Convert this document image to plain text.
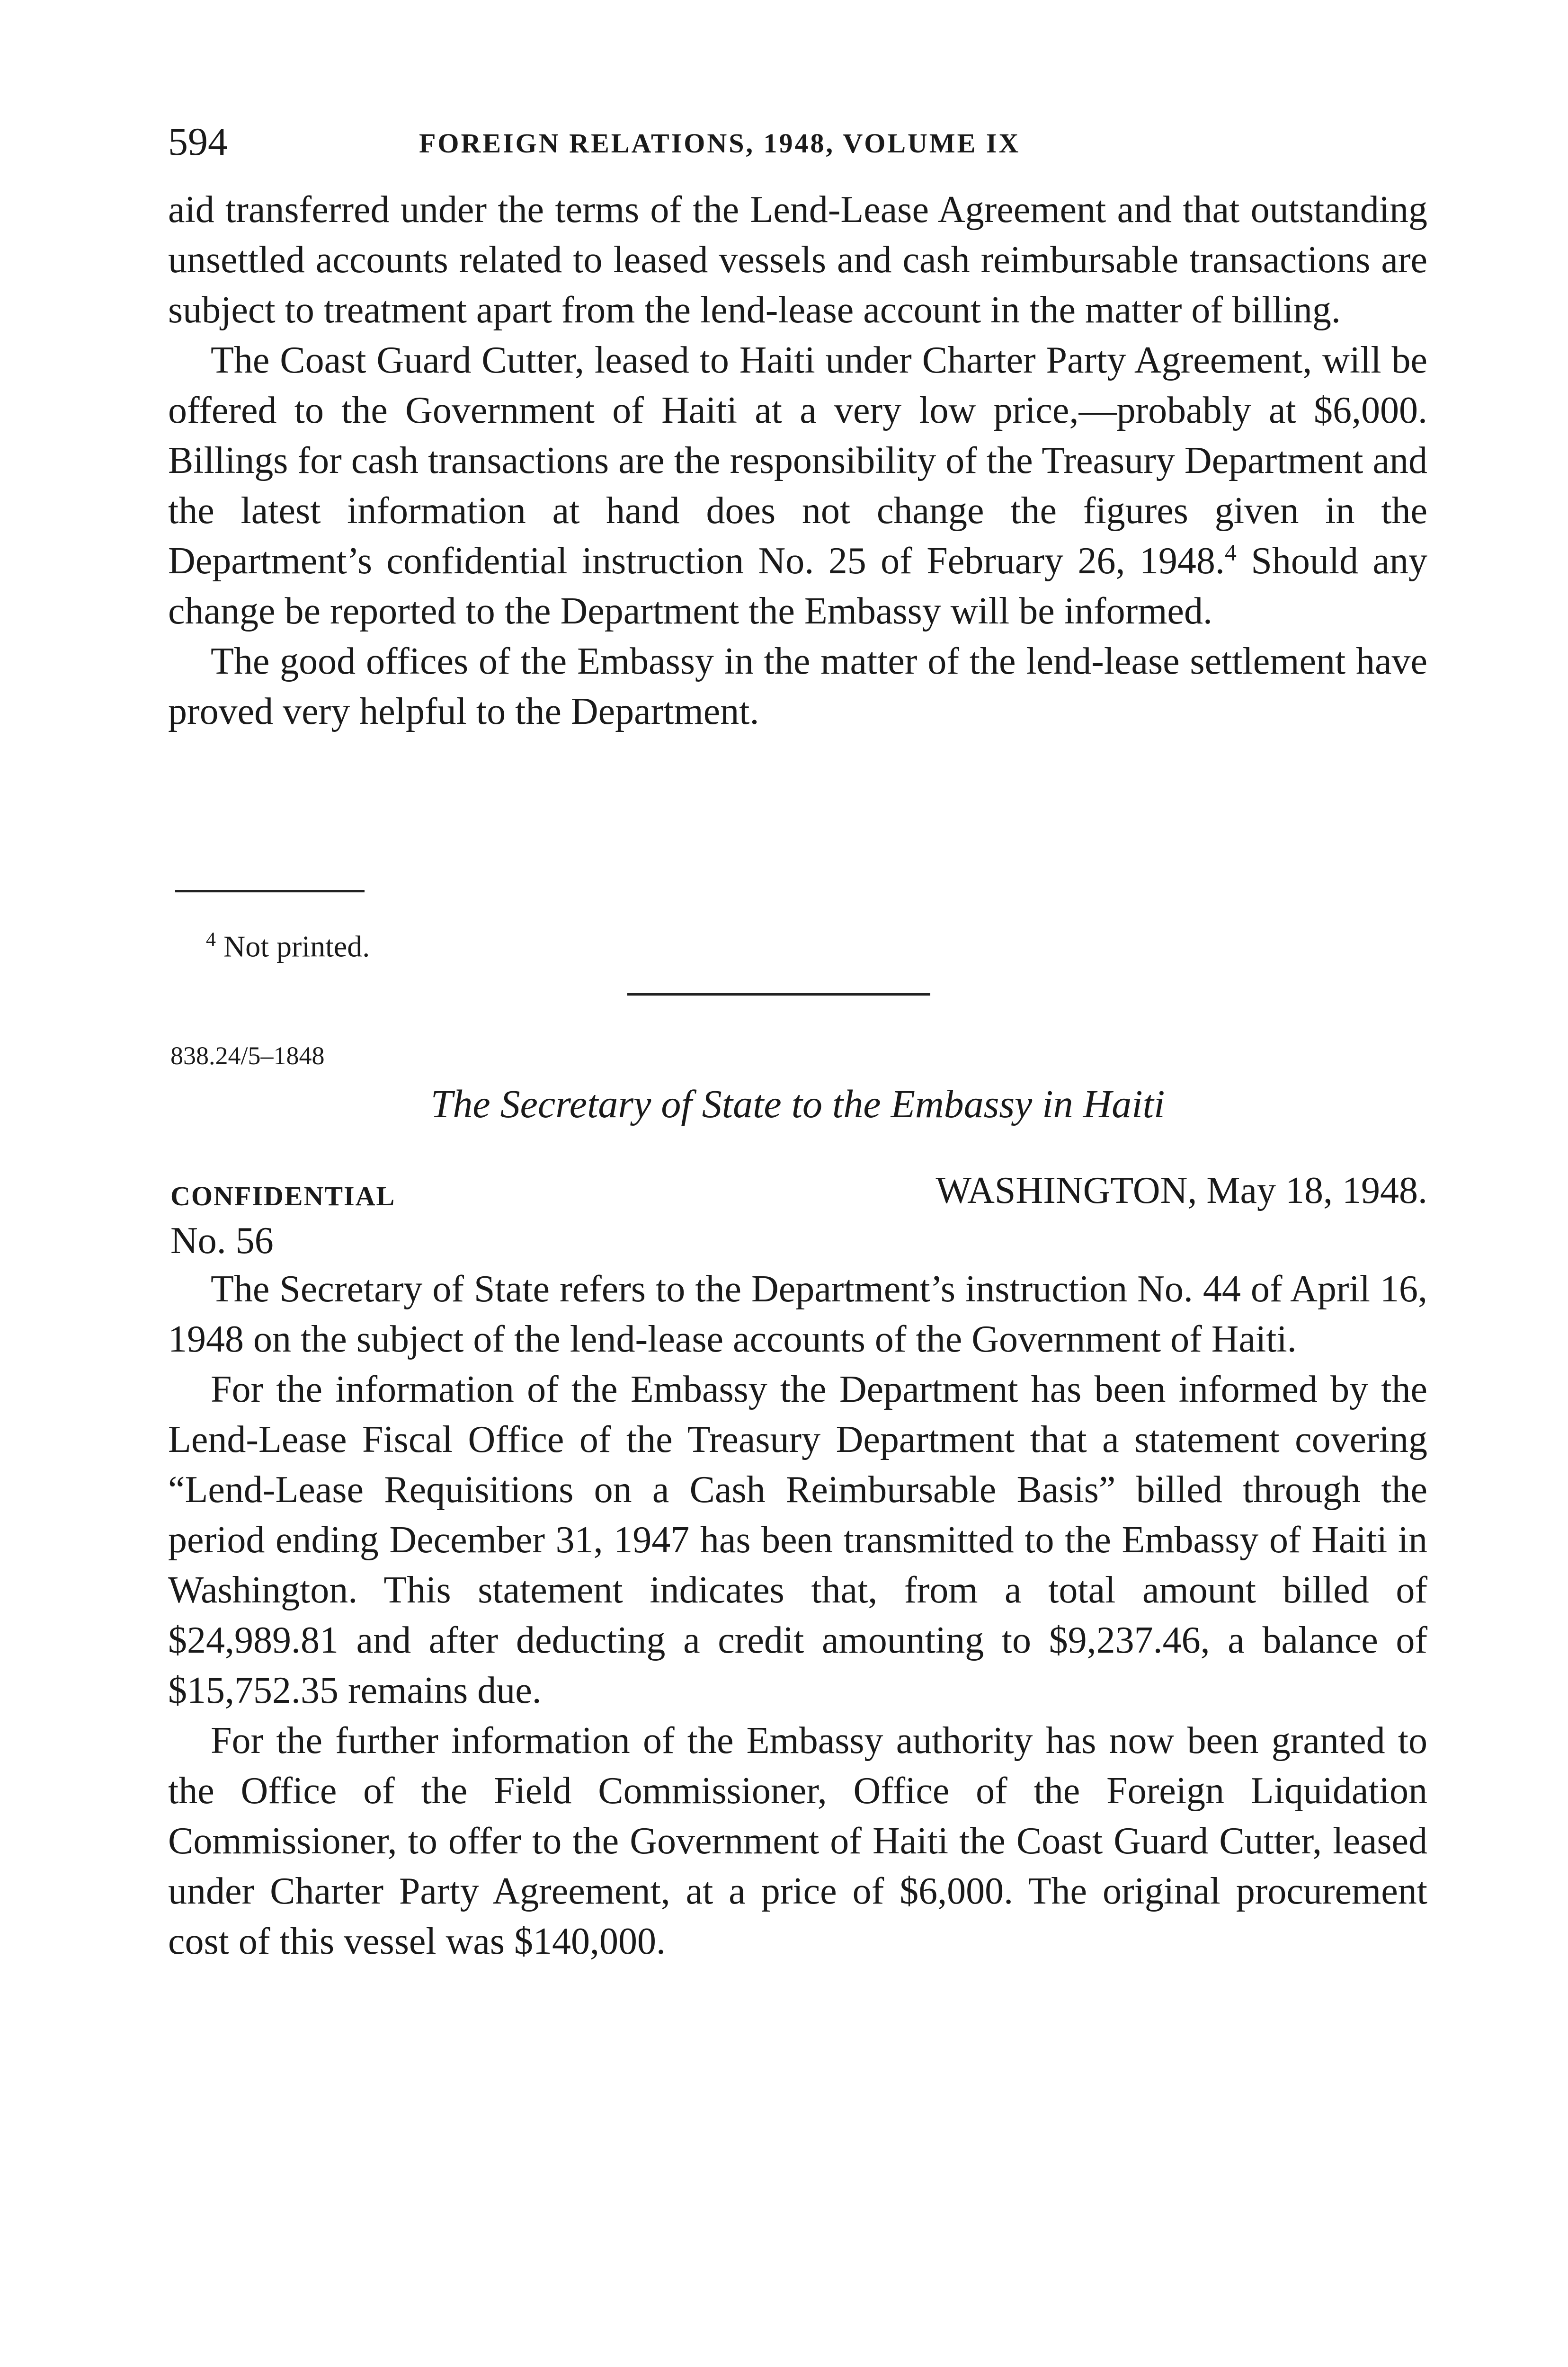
594	FOREIGN RELATIONS, 1948, VOLUME IX

aid transferred under the terms of the Lend-Lease Agreement and that outstanding unsettled accounts related to leased vessels and cash reimbursable transactions are subject to treatment apart from the lend-lease account in the matter of billing.

The Coast Guard Cutter, leased to Haiti under Charter Party Agreement, will be offered to the Government of Haiti at a very low price,—probably at $6,000. Billings for cash transactions are the responsibility of the Treasury Department and the latest information at hand does not change the figures given in the Department’s confidential instruction No. 25 of February 26, 1948.$^4$ Should any change be reported to the Department the Embassy will be informed.

The good offices of the Embassy in the matter of the lend-lease settlement have proved very helpful to the Department.

$^4$ Not printed.
838.24/5–1848
The Secretary of State to the Embassy in Haiti
CONFIDENTIAL	WASHINGTON, May 18, 1948.
No. 56

The Secretary of State refers to the Department’s instruction No. 44 of April 16, 1948 on the subject of the lend-lease accounts of the Government of Haiti.

For the information of the Embassy the Department has been informed by the Lend-Lease Fiscal Office of the Treasury Department that a statement covering “Lend-Lease Requisitions on a Cash Reimbursable Basis” billed through the period ending December 31, 1947 has been transmitted to the Embassy of Haiti in Washington. This statement indicates that, from a total amount billed of $24,989.81 and after deducting a credit amounting to $9,237.46, a balance of $15,752.35 remains due.

For the further information of the Embassy authority has now been granted to the Office of the Field Commissioner, Office of the Foreign Liquidation Commissioner, to offer to the Government of Haiti the Coast Guard Cutter, leased under Charter Party Agreement, at a price of $6,000. The original procurement cost of this vessel was $140,000.
